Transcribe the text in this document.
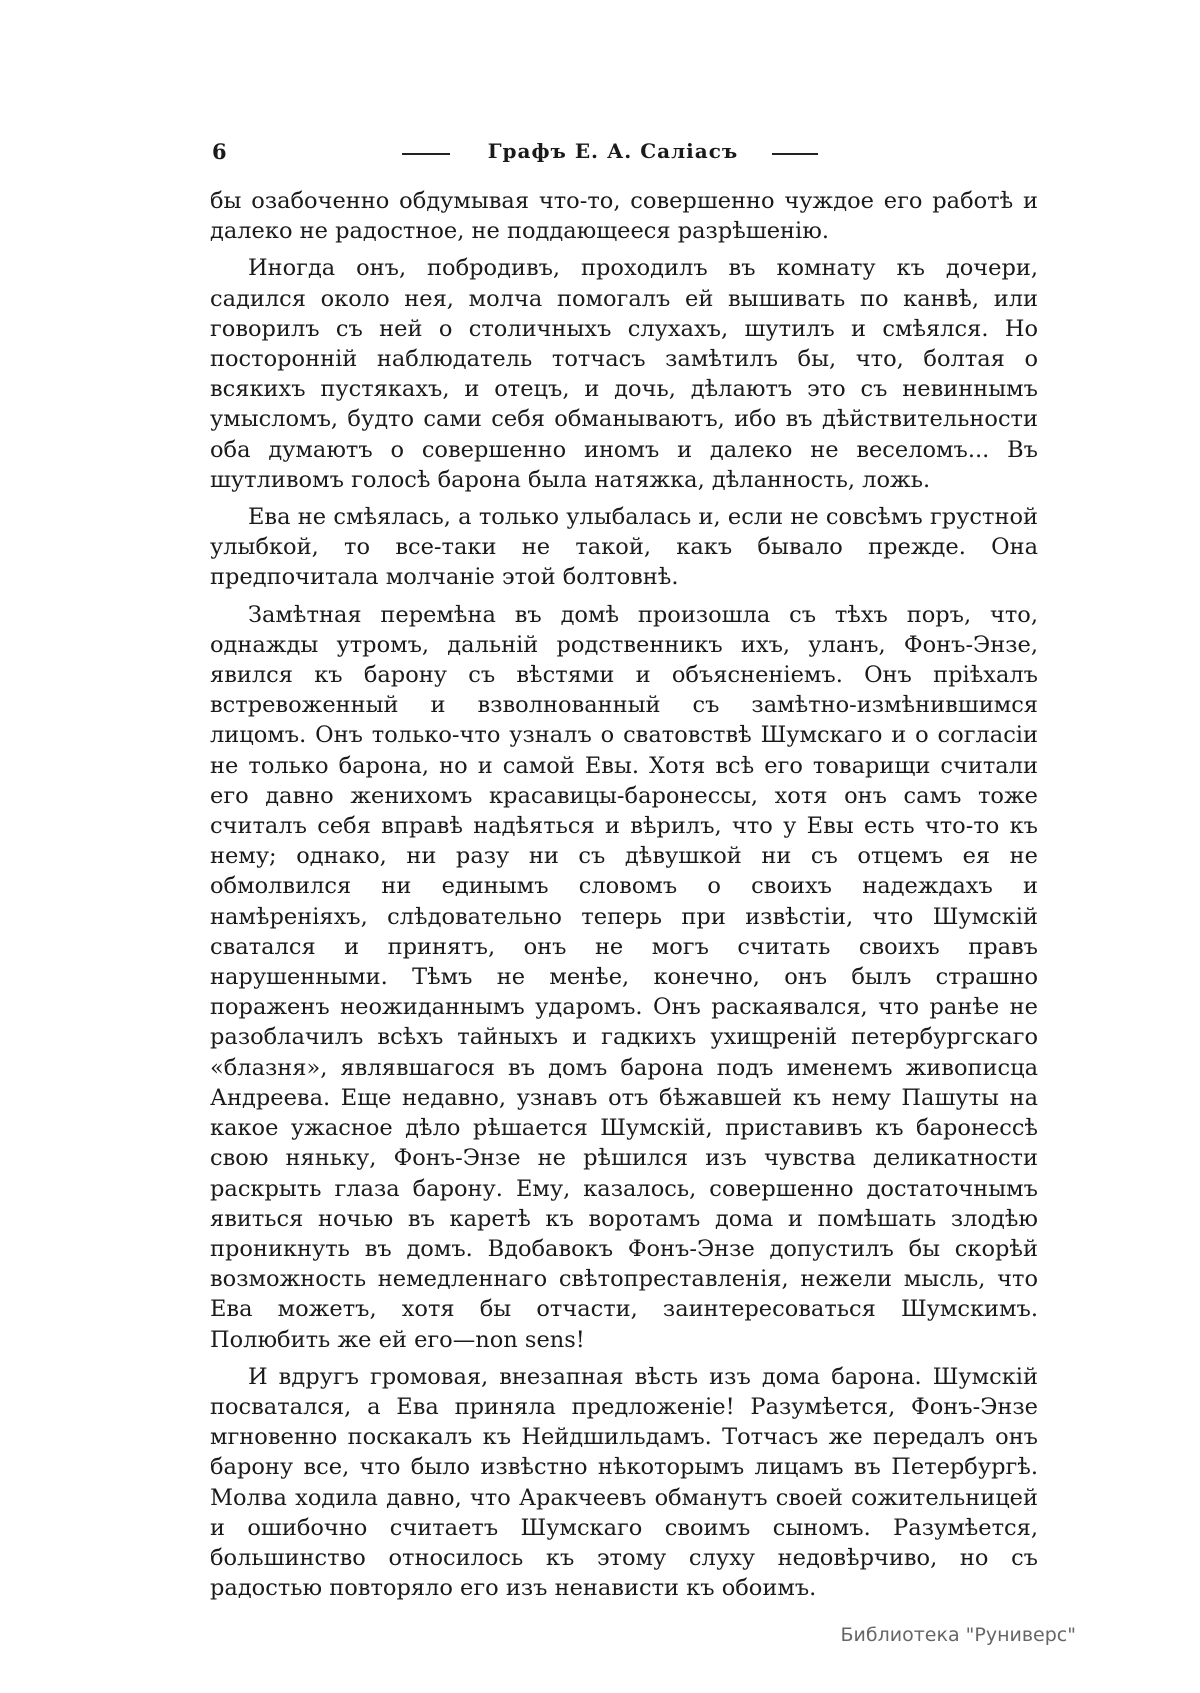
6	Графъ Е. А. Саліасъ

бы озабоченно обдумывая что-то, совершенно чуждое его работѣ и далеко не радостное, не поддающееся разрѣшенію.

Иногда онъ, побродивъ, проходилъ въ комнату къ дочери, садился около нея, молча помогалъ ей вышивать по канвѣ, или говорилъ съ ней о столичныхъ слухахъ, шутилъ и смѣялся. Но посторонній наблюдатель тотчасъ замѣтилъ бы, что, болтая о всякихъ пустякахъ, и отецъ, и дочь, дѣлаютъ это съ невиннымъ умысломъ, будто сами себя обманываютъ, ибо въ дѣйствительности оба думаютъ о совершенно иномъ и далеко не веселомъ... Въ шутливомъ голосѣ барона была натяжка, дѣланность, ложь.

Ева не смѣялась, а только улыбалась и, если не совсѣмъ грустной улыбкой, то все-таки не такой, какъ бывало прежде. Она предпочитала молчаніе этой болтовнѣ.

Замѣтная перемѣна въ домѣ произошла съ тѣхъ поръ, что, однажды утромъ, дальній родственникъ ихъ, уланъ, Фонъ-Энзе, явился къ барону съ вѣстями и объясненіемъ. Онъ пріѣхалъ встревоженный и взволнованный съ замѣтно-измѣнившимся лицомъ. Онъ только-что узналъ о сватовствѣ Шумскаго и о согласіи не только барона, но и самой Евы. Хотя всѣ его товарищи считали его давно женихомъ красавицы-баронессы, хотя онъ самъ тоже считалъ себя вправѣ надѣяться и вѣрилъ, что у Евы есть что-то къ нему; однако, ни разу ни съ дѣвушкой ни съ отцемъ ея не обмолвился ни единымъ словомъ о своихъ надеждахъ и намѣреніяхъ, слѣдовательно теперь при извѣстіи, что Шумскій сватался и принятъ, онъ не могъ считать своихъ правъ нарушенными. Тѣмъ не менѣе, конечно, онъ былъ страшно пораженъ неожиданнымъ ударомъ. Онъ раскаявался, что ранѣе не разоблачилъ всѣхъ тайныхъ и гадкихъ ухищреній петербургскаго «блазня», являвшагося въ домъ барона подъ именемъ живописца Андреева. Еще недавно, узнавъ отъ бѣжавшей къ нему Пашуты на какое ужасное дѣло рѣшается Шумскій, приставивъ къ баронессѣ свою няньку, Фонъ-Энзе не рѣшился изъ чувства деликатности раскрыть глаза барону. Ему, казалось, совершенно достаточнымъ явиться ночью въ каретѣ къ воротамъ дома и помѣшать злодѣю проникнуть въ домъ. Вдобавокъ Фонъ-Энзе допустилъ бы скорѣй возможность немедленнаго свѣтопреставленія, нежели мысль, что Ева можетъ, хотя бы отчасти, заинтересоваться Шумскимъ. Полюбить же ей его—non sens!

И вдругъ громовая, внезапная вѣсть изъ дома барона. Шумскій посватался, а Ева приняла предложеніе! Разумѣется, Фонъ-Энзе мгновенно поскакалъ къ Нейдшильдамъ. Тотчасъ же передалъ онъ барону все, что было извѣстно нѣкоторымъ лицамъ въ Петербургѣ. Молва ходила давно, что Аракчеевъ обманутъ своей сожительницей и ошибочно считаетъ Шумскаго своимъ сыномъ. Разумѣется, большинство относилось къ этому слуху недовѣрчиво, но съ радостью повторяло его изъ ненависти къ обоимъ.

Библиотека "Руниверс"
